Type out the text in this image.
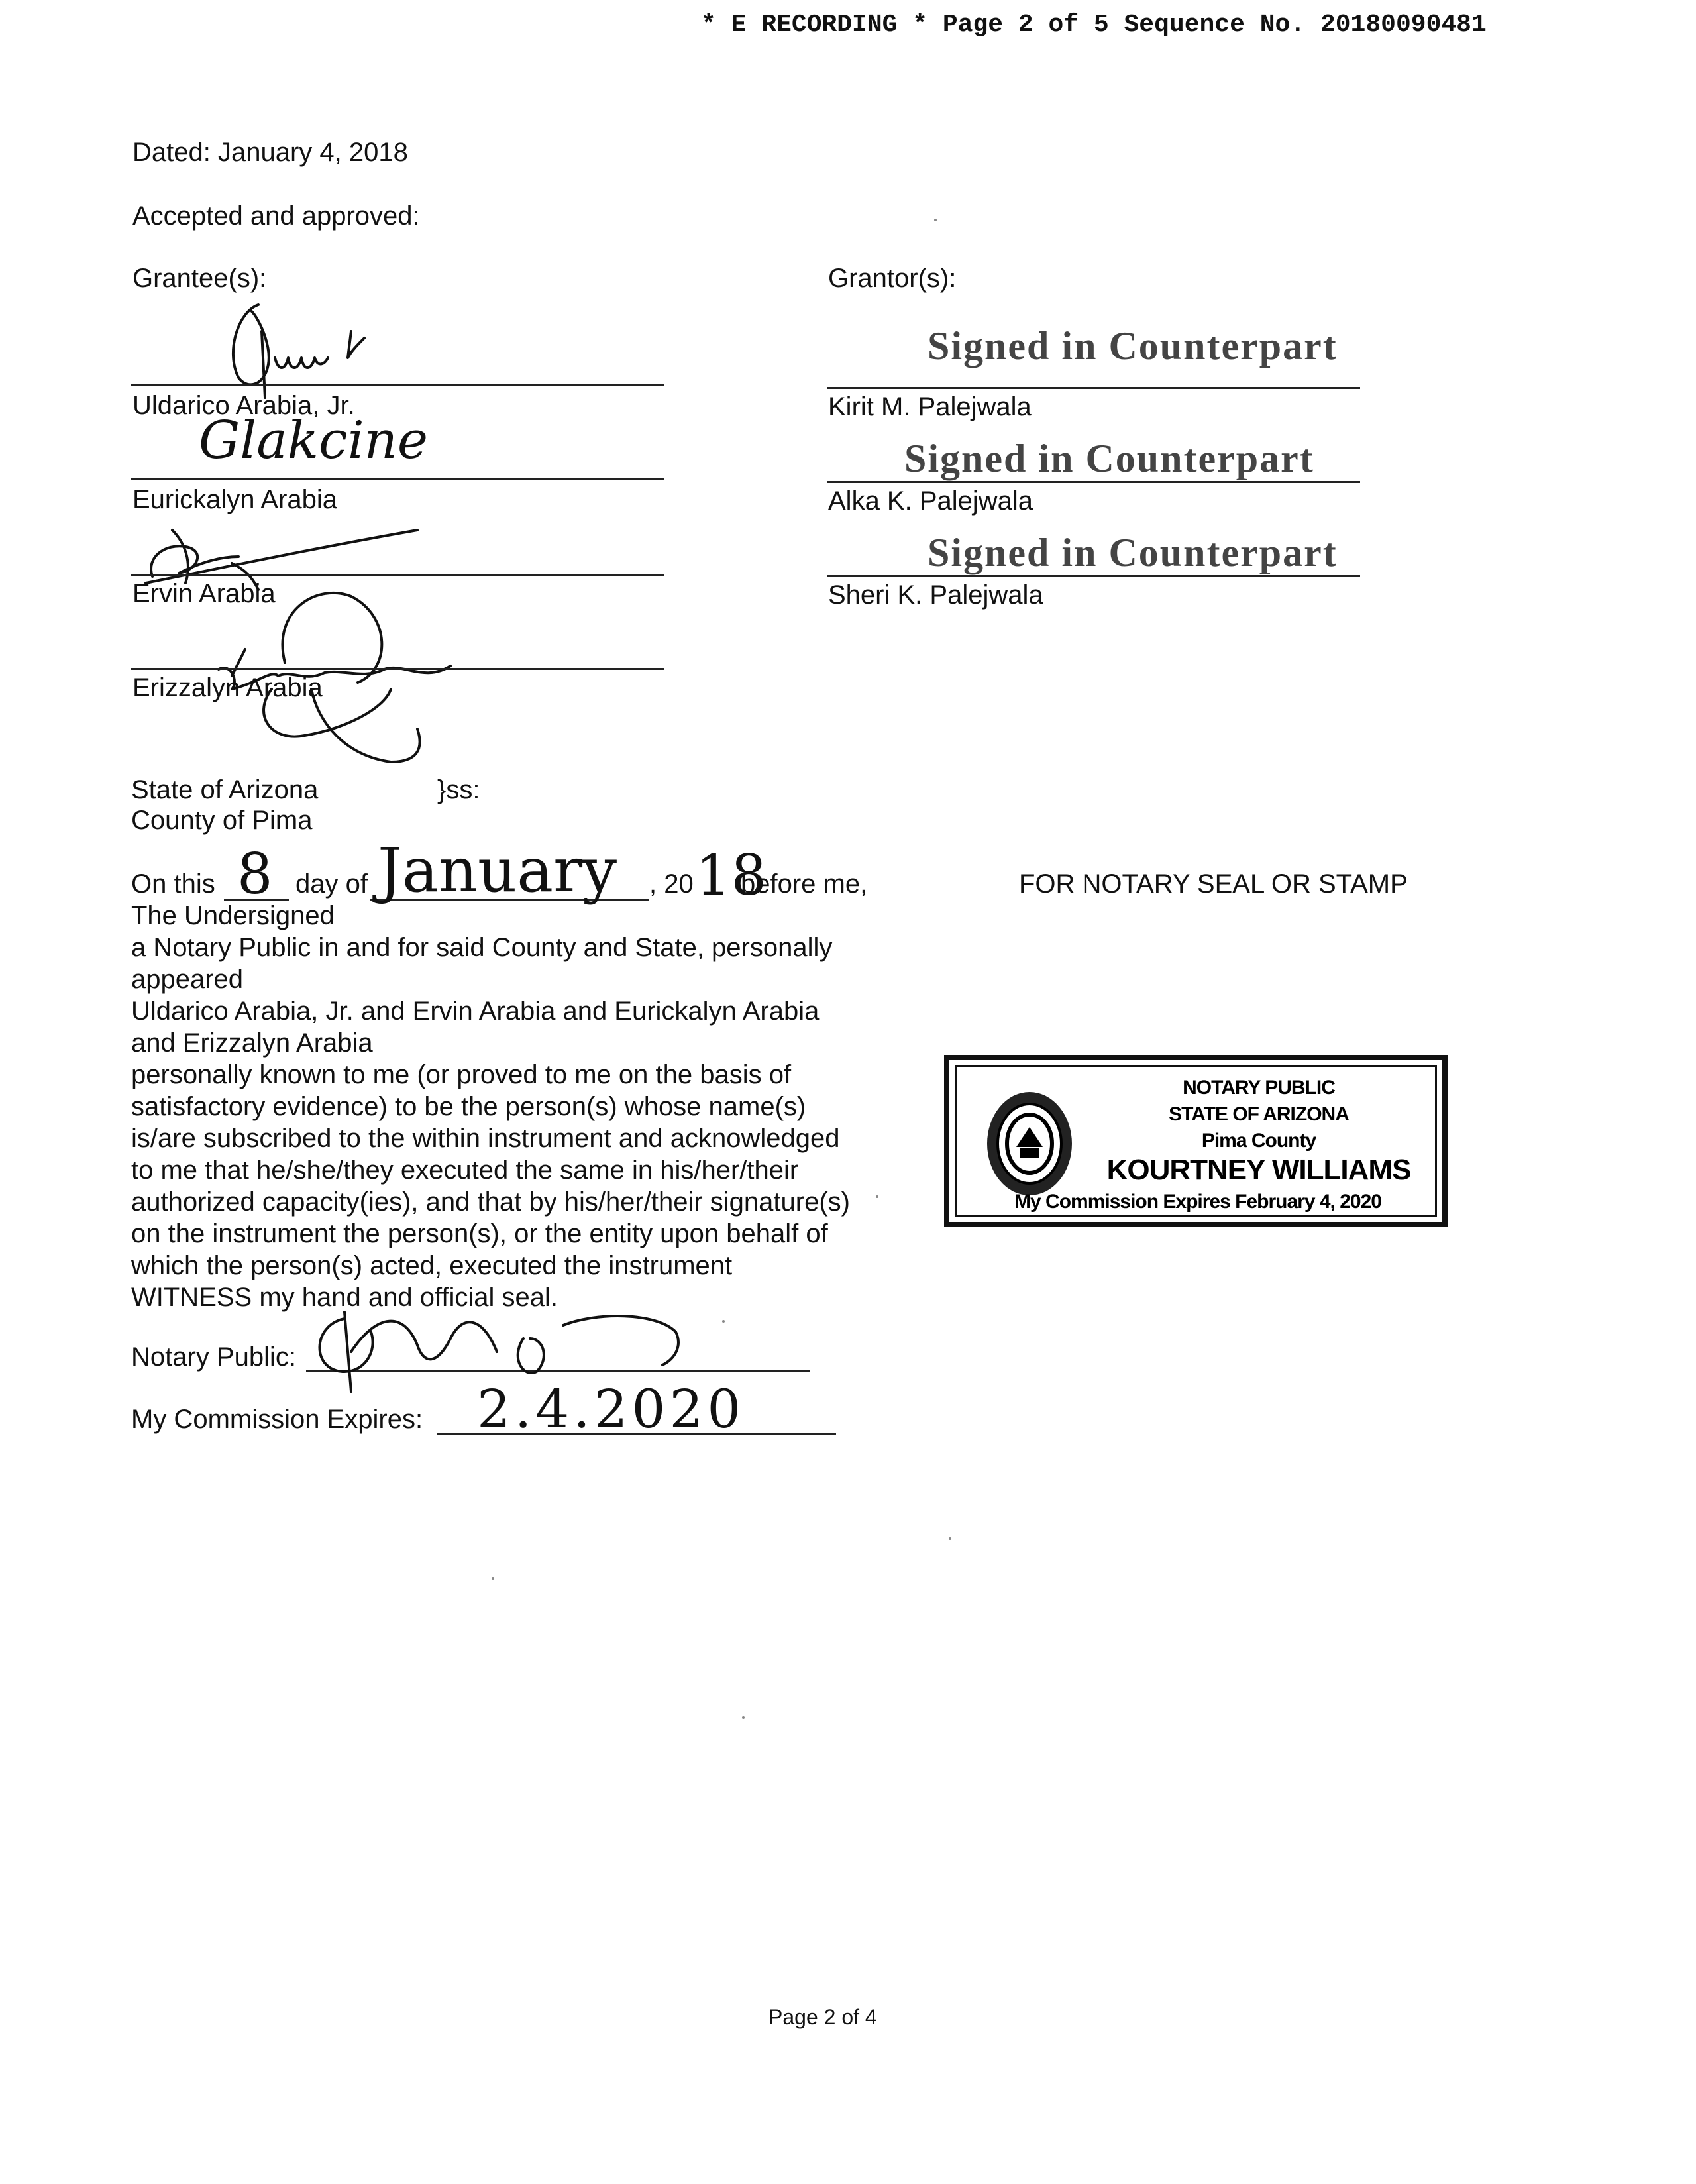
* E RECORDING * Page 2 of 5 Sequence No. 20180090481
Dated: January 4, 2018
Accepted and approved:
Grantee(s):
Uldarico Arabia, Jr.
Glakcine
Eurickalyn Arabia
Ervin Arabia
Erizzalyn Arabia
Grantor(s):
Signed in Counterpart
Kirit M. Palejwala
Signed in Counterpart
Alka K. Palejwala
Signed in Counterpart
Sheri K. Palejwala
State of Arizona	}ss:
County of Pima
On this 8 day of January , 20 18
before me,	FOR NOTARY SEAL OR STAMP
The Undersigned
a Notary Public in and for said County and State, personally
appeared
Uldarico Arabia, Jr. and Ervin Arabia and Eurickalyn Arabia
and Erizzalyn Arabia
personally known to me (or proved to me on the basis of
satisfactory evidence) to be the person(s) whose name(s)
is/are subscribed to the within instrument and acknowledged
to me that he/she/they executed the same in his/her/their
authorized capacity(ies), and that by his/her/their signature(s)
on the instrument the person(s), or the entity upon behalf of
which the person(s) acted, executed the instrument
WITNESS my hand and official seal.
Notary Public:
My Commission Expires: 2.4.2020
NOTARY PUBLIC
STATE OF ARIZONA
Pima County
KOURTNEY WILLIAMS
My Commission Expires February 4, 2020
Page 2 of 4
